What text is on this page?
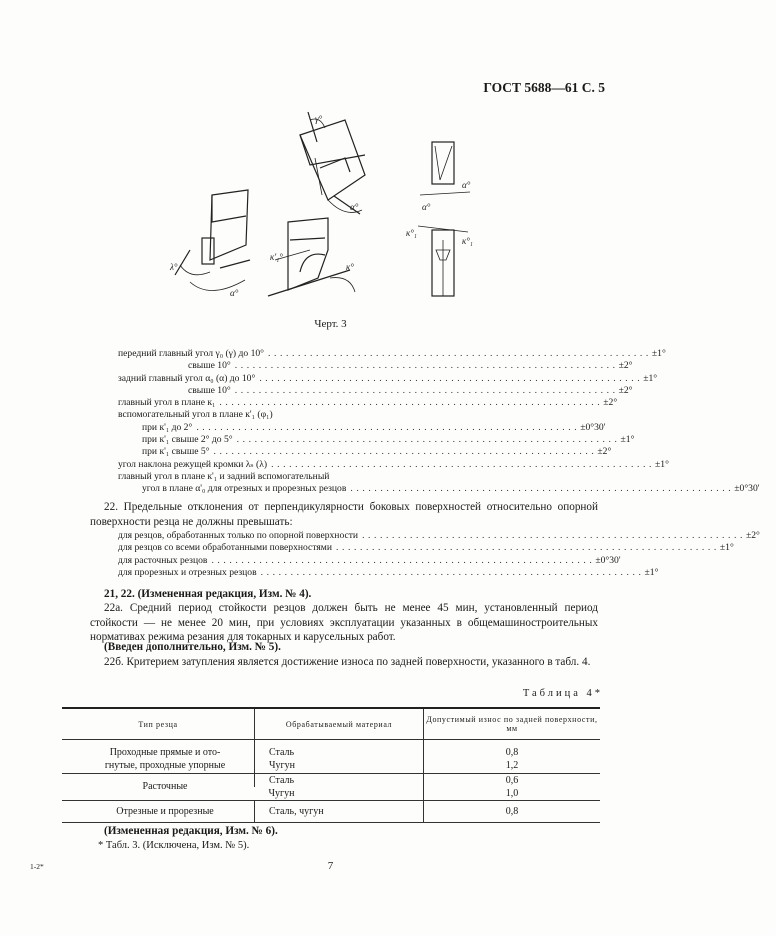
ГОСТ 5688—61 С. 5
γ°
α°
λ°
α°
к'₁°
к°
α°
α°
к°₁
к°₁
Черт. 3
передний главный угол γ₀ (γ) до 10° ................................................................ ±1°
свыше 10° ................................................................ ±2°
задний главный угол α₀ (α) до 10° ................................................................ ±1°
свыше 10° ................................................................ ±2°
главный угол в плане к₁ ................................................................ ±2°
вспомогательный угол в плане к'₁ (φ₁)
при к'₁ до 2° ................................................................ ±0°30'
при к'₁ свыше 2° до 5° ................................................................ ±1°
при к'₁ свыше 5° ................................................................ ±2°
угол наклона режущей кромки λₛ (λ) ................................................................ ±1°
главный угол в плане к'₁ и задний вспомогательный
угол в плане α'₀ для отрезных и прорезных резцов ................................................................ ±0°30'
22. Предельные отклонения от перпендикулярности боковых поверхностей относительно опорной поверхности резца не должны превышать:
для резцов, обработанных только по опорной поверхности ................................................................ ±2°
для резцов со всеми обработанными поверхностями ................................................................ ±1°
для расточных резцов ................................................................ ±0°30'
для прорезных и отрезных резцов ................................................................ ±1°
21, 22. (Измененная редакция, Изм. № 4).
22а. Средний период стойкости резцов должен быть не менее 45 мин, установленный период стойкости — не менее 20 мин, при условиях эксплуатации указанных в общемашиностроительных нормативах режима резания для токарных и карусельных работ.
(Введен дополнительно, Изм. № 5).
22б. Критерием затупления является достижение износа по задней поверхности, указанного в табл. 4.
Таблица 4*
Тип резца	Обрабатываемый материал	Допустимый износ по задней поверхности, мм
Проходные прямые и ото-	Сталь	0,8
гнутые, проходные упорные	Чугун	1,2
Расточные	Сталь	0,6
	Чугун	1,0
Отрезные и прорезные	Сталь, чугун	0,8
(Измененная редакция, Изм. № 6).
* Табл. 3. (Исключена, Изм. № 5).
7
1-2*
